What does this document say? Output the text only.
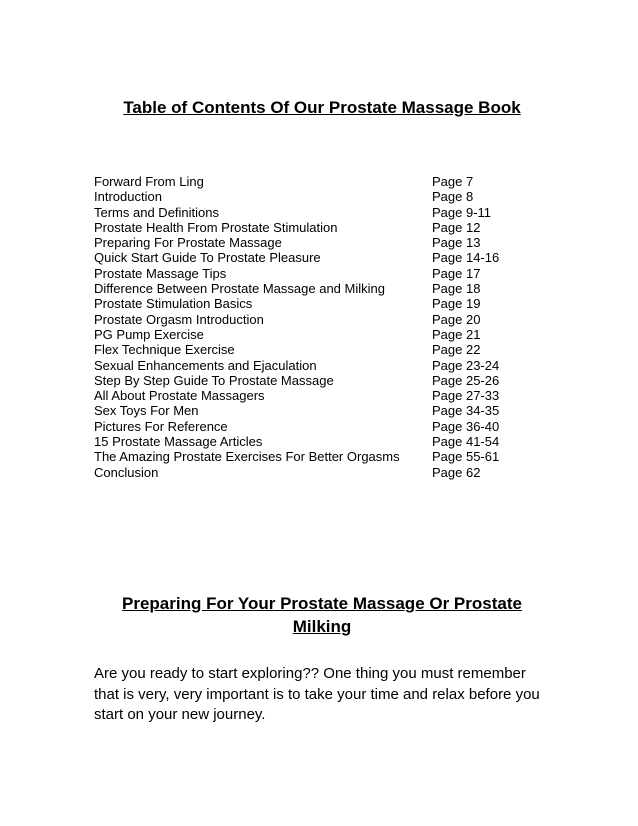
Table of Contents Of Our Prostate Massage Book
Forward From Ling	Page 7
Introduction	Page 8
Terms and Definitions	Page 9-11
Prostate Health From Prostate Stimulation	Page 12
Preparing For Prostate Massage	Page 13
Quick Start Guide To Prostate Pleasure	Page 14-16
Prostate Massage Tips	Page 17
Difference Between Prostate Massage and Milking	Page 18
Prostate Stimulation Basics	Page 19
Prostate Orgasm Introduction	Page 20
PG Pump Exercise	Page 21
Flex Technique Exercise	Page 22
Sexual Enhancements and Ejaculation	Page 23-24
Step By Step Guide To Prostate Massage	Page 25-26
All About Prostate Massagers	Page 27-33
Sex Toys For Men	Page 34-35
Pictures For Reference	Page 36-40
15 Prostate Massage Articles	Page 41-54
The Amazing Prostate Exercises For Better Orgasms	Page 55-61
Conclusion	Page 62
Preparing For Your Prostate Massage Or Prostate Milking

Are you ready to start exploring?? One thing you must remember that is very, very important is to take your time and relax before you start on your new journey.
